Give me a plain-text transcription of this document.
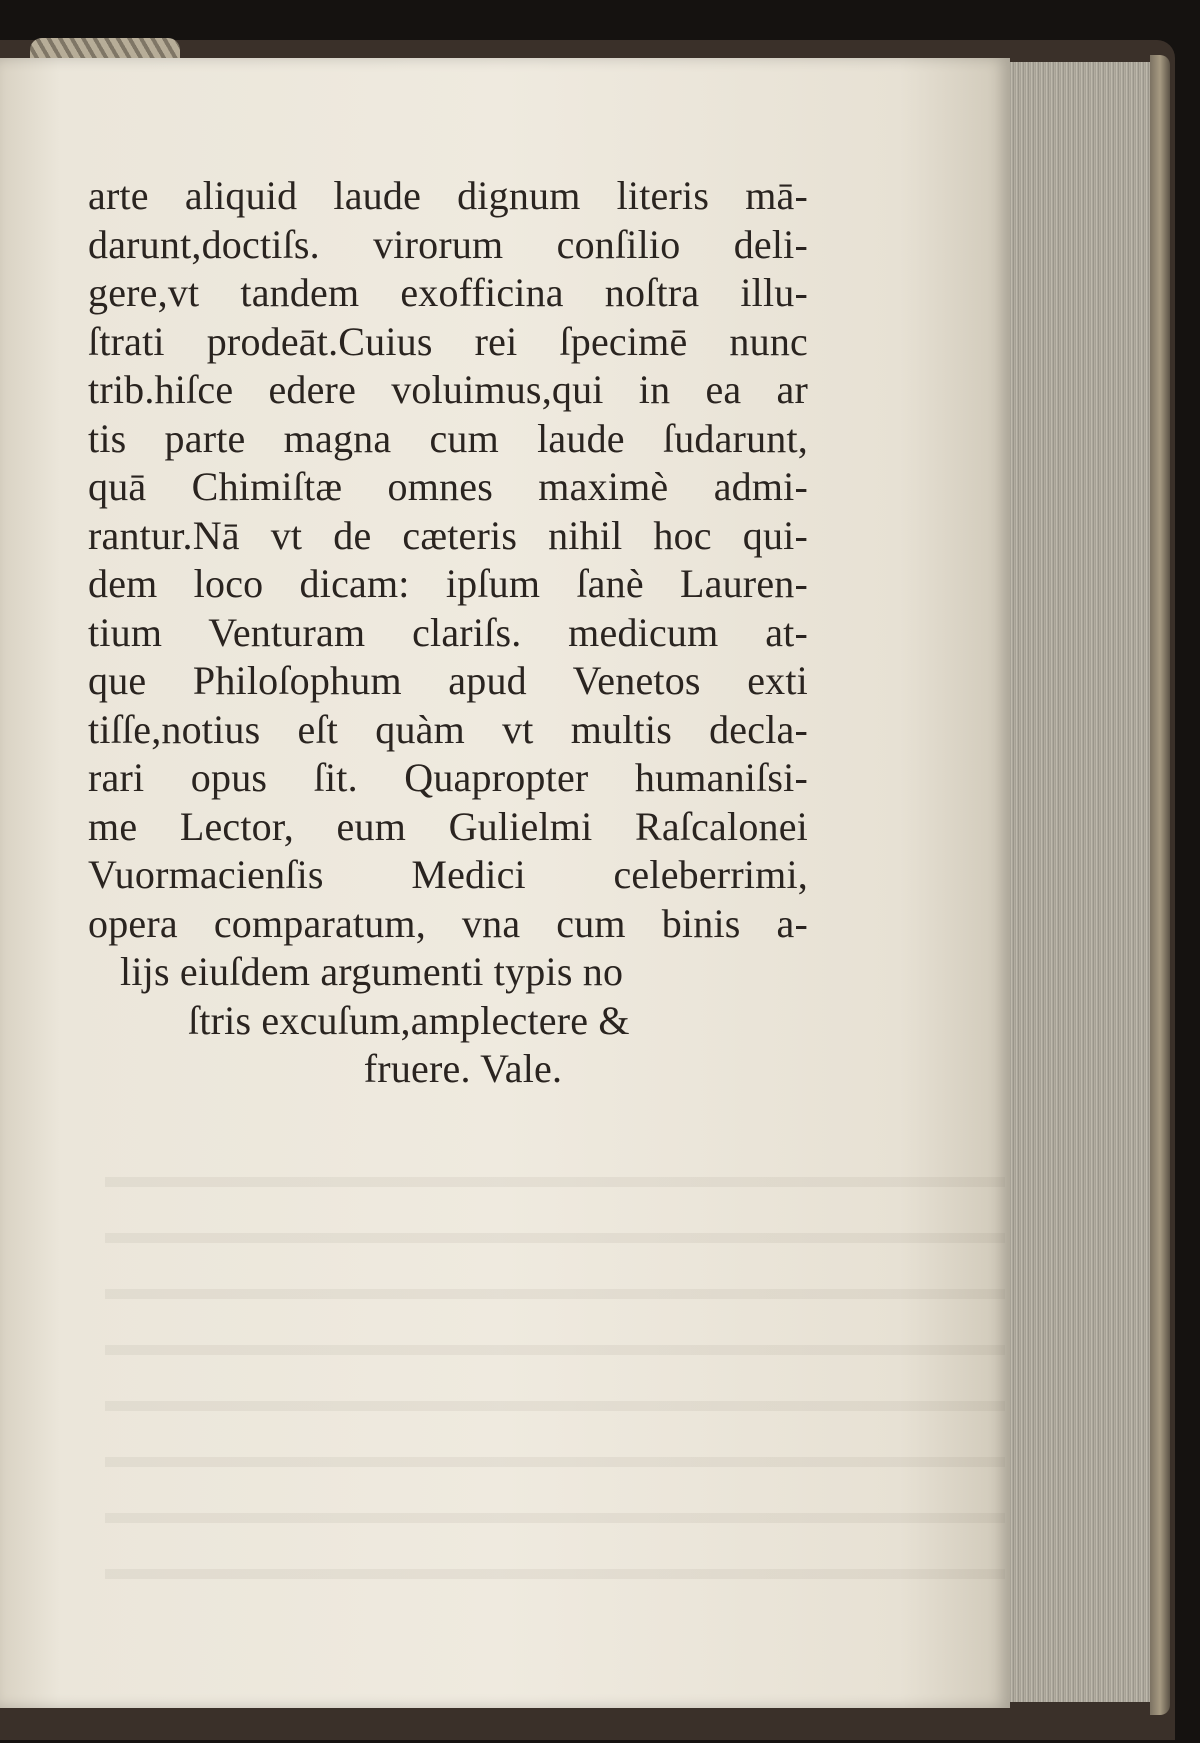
arte aliquid laude dignum literis mā-
darunt,doctiſs. virorum conſilio deli-
gere,vt tandem exofficina noſtra illu-
ſtrati prodeāt.Cuius rei ſpecimē nunc
trib.hiſce edere voluimus,qui in ea ar
tis parte magna cum laude ſudarunt,
quā Chimiſtæ omnes maximè admi-
rantur.Nā vt de cæteris nihil hoc qui-
dem loco dicam: ipſum ſanè Lauren-
tium Venturam clariſs. medicum at-
que Philoſophum apud Venetos exti
tiſſe,notius eſt quàm vt multis decla-
rari opus ſit. Quapropter humaniſsi-
me Lector, eum Gulielmi Raſcalonei
Vuormacienſis Medici celeberrimi,
opera comparatum, vna cum binis a-
lijs eiuſdem argumenti typis no
ſtris excuſum,amplectere &
fruere. Vale.
